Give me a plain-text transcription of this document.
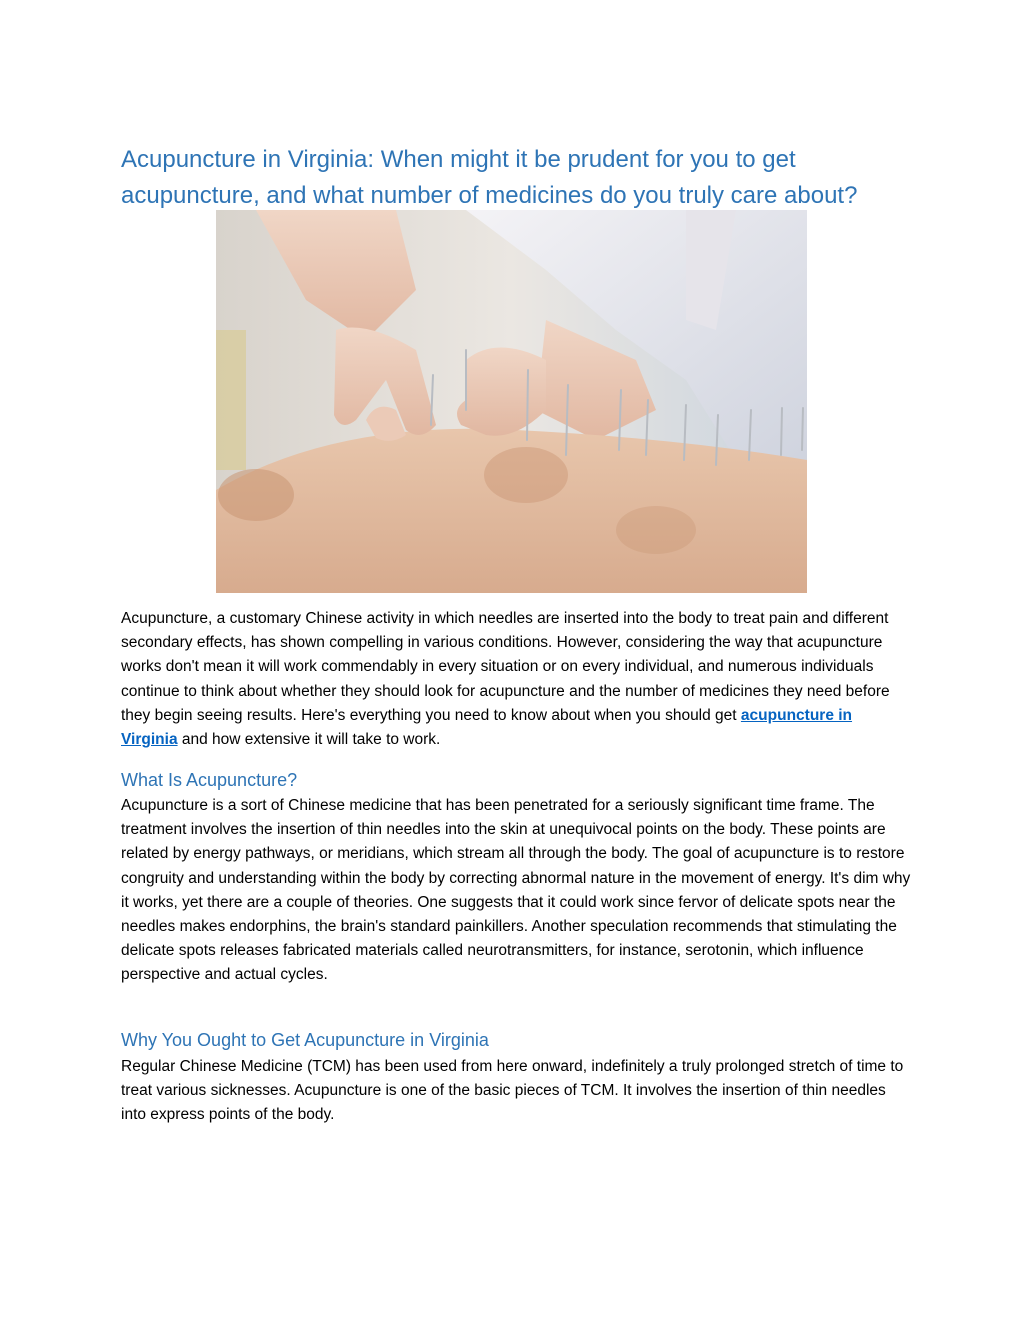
Acupuncture in Virginia: When might it be prudent for you to get acupuncture, and what number of medicines do you truly care about?

Acupuncture, a customary Chinese activity in which needles are inserted into the body to treat pain and different secondary effects, has shown compelling in various conditions. However, considering the way that acupuncture works don't mean it will work commendably in every situation or on every individual, and numerous individuals continue to think about whether they should look for acupuncture and the number of medicines they need before they begin seeing results. Here's everything you need to know about when you should get acupuncture in Virginia and how extensive it will take to work.

What Is Acupuncture?

Acupuncture is a sort of Chinese medicine that has been penetrated for a seriously significant time frame. The treatment involves the insertion of thin needles into the skin at unequivocal points on the body. These points are related by energy pathways, or meridians, which stream all through the body. The goal of acupuncture is to restore congruity and understanding within the body by correcting abnormal nature in the movement of energy. It's dim why it works, yet there are a couple of theories. One suggests that it could work since fervor of delicate spots near the needles makes endorphins, the brain's standard painkillers. Another speculation recommends that stimulating the delicate spots releases fabricated materials called neurotransmitters, for instance, serotonin, which influence perspective and actual cycles.

Why You Ought to Get Acupuncture in Virginia

Regular Chinese Medicine (TCM) has been used from here onward, indefinitely a truly prolonged stretch of time to treat various sicknesses. Acupuncture is one of the basic pieces of TCM. It involves the insertion of thin needles into express points of the body.
